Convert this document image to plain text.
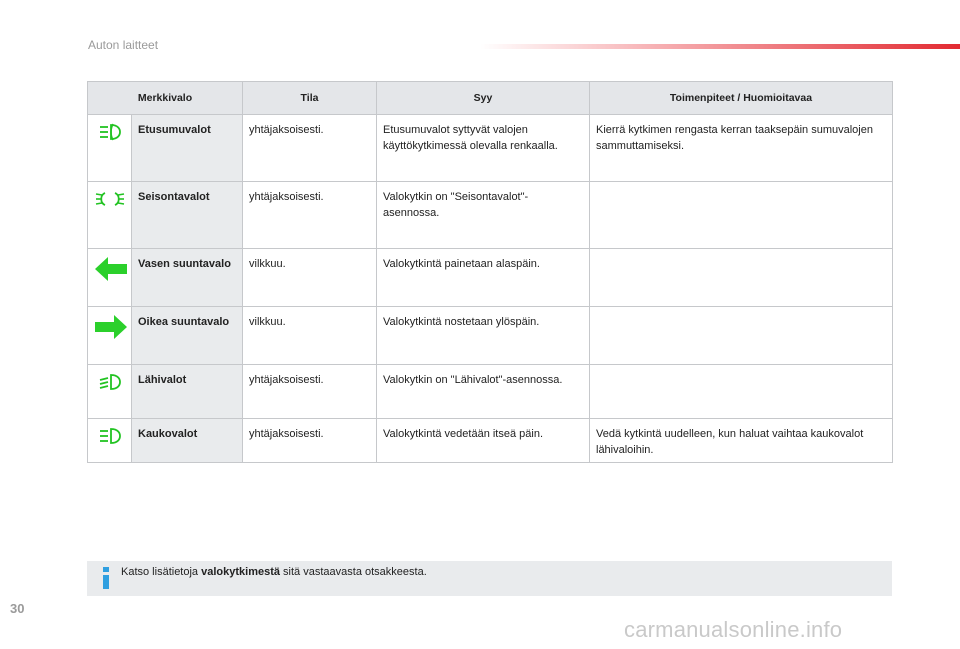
Auton laitteet
Merkkivalo		Tila	Syy	Toimenpiteet / Huomioitavaa
	Etusumuvalot	yhtäjaksoisesti.	Etusumuvalot syttyvät valojen käyttökytkimessä olevalla renkaalla.	Kierrä kytkimen rengasta kerran taaksepäin sumuvalojen sammuttamiseksi.
	Seisontavalot	yhtäjaksoisesti.	Valokytkin on "Seisontavalot"-asennossa.	
	Vasen suuntavalo	vilkkuu.	Valokytkintä painetaan alaspäin.	
	Oikea suuntavalo	vilkkuu.	Valokytkintä nostetaan ylöspäin.	
	Lähivalot	yhtäjaksoisesti.	Valokytkin on "Lähivalot"-asennossa.	
	Kaukovalot	yhtäjaksoisesti.	Valokytkintä vedetään itseä päin.	Vedä kytkintä uudelleen, kun haluat vaihtaa kaukovalot lähivaloihin.
Katso lisätietoja valokytkimestä sitä vastaavasta otsakkeesta.
30
carmanualsonline.info
